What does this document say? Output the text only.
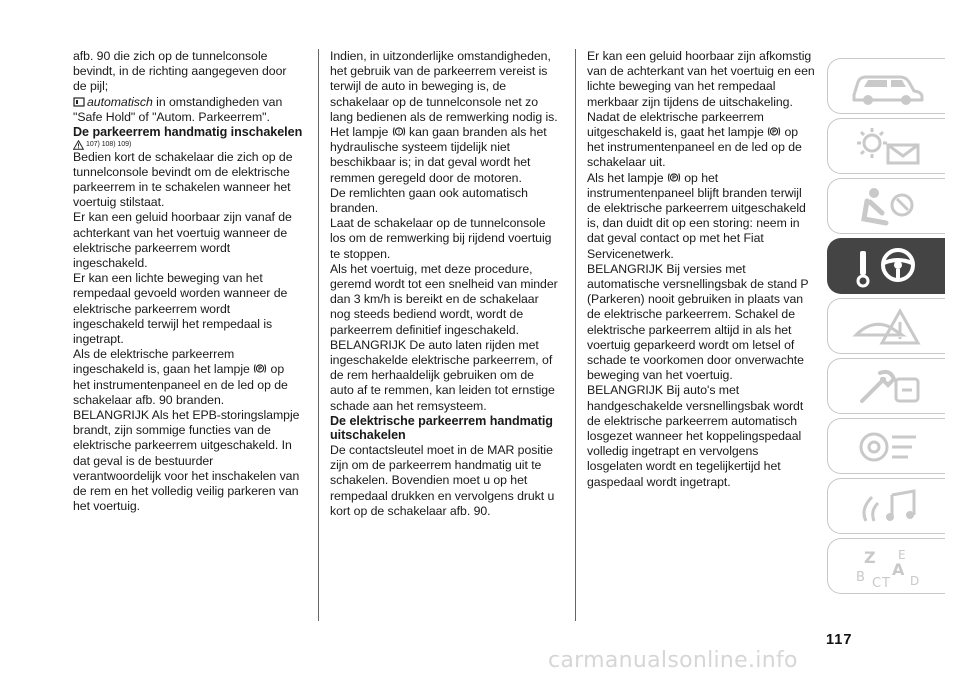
afb. 90 die zich op de tunnelconsole bevindt, in de richting aangegeven door de pijl;

automatisch in omstandigheden van "Safe Hold" of "Autom. Parkeerrem".

De parkeerrem handmatig inschakelen
107) 108) 109)

Bedien kort de schakelaar die zich op de tunnelconsole bevindt om de elektrische parkeerrem in te schakelen wanneer het voertuig stilstaat.

Er kan een geluid hoorbaar zijn vanaf de achterkant van het voertuig wanneer de elektrische parkeerrem wordt ingeschakeld.

Er kan een lichte beweging van het rempedaal gevoeld worden wanneer de elektrische parkeerrem wordt ingeschakeld terwijl het rempedaal is ingetrapt.

Als de elektrische parkeerrem ingeschakeld is, gaan het lampje P op het instrumentenpaneel en de led op de schakelaar afb. 90 branden.

BELANGRIJK Als het EPB-storingslampje brandt, zijn sommige functies van de elektrische parkeerrem uitgeschakeld. In dat geval is de bestuurder verantwoordelijk voor het inschakelen van de rem en het volledig veilig parkeren van het voertuig.

Indien, in uitzonderlijke omstandigheden, het gebruik van de parkeerrem vereist is terwijl de auto in beweging is, de schakelaar op de tunnelconsole net zo lang bedienen als de remwerking nodig is.

Het lampje ! kan gaan branden als het hydraulische systeem tijdelijk niet beschikbaar is; in dat geval wordt het remmen geregeld door de motoren.

De remlichten gaan ook automatisch branden.

Laat de schakelaar op de tunnelconsole los om de remwerking bij rijdend voertuig te stoppen.

Als het voertuig, met deze procedure, geremd wordt tot een snelheid van minder dan 3 km/h is bereikt en de schakelaar nog steeds bediend wordt, wordt de parkeerrem definitief ingeschakeld.

BELANGRIJK De auto laten rijden met ingeschakelde elektrische parkeerrem, of de rem herhaaldelijk gebruiken om de auto af te remmen, kan leiden tot ernstige schade aan het remsysteem.

De elektrische parkeerrem handmatig uitschakelen

De contactsleutel moet in de MAR positie zijn om de parkeerrem handmatig uit te schakelen. Bovendien moet u op het rempedaal drukken en vervolgens drukt u kort op de schakelaar afb. 90.

Er kan een geluid hoorbaar zijn afkomstig van de achterkant van het voertuig en een lichte beweging van het rempedaal merkbaar zijn tijdens de uitschakeling.

Nadat de elektrische parkeerrem uitgeschakeld is, gaat het lampje P op het instrumentenpaneel en de led op de schakelaar uit.

Als het lampje P op het instrumentenpaneel blijft branden terwijl de elektrische parkeerrem uitgeschakeld is, dan duidt dit op een storing: neem in dat geval contact op met het Fiat Servicenetwerk.

BELANGRIJK Bij versies met automatische versnellingsbak de stand P (Parkeren) nooit gebruiken in plaats van de elektrische parkeerrem. Schakel de elektrische parkeerrem altijd in als het voertuig geparkeerd wordt om letsel of schade te voorkomen door onverwachte beweging van het voertuig.

BELANGRIJK Bij auto's met handgeschakelde versnellingsbak wordt de elektrische parkeerrem automatisch losgezet wanneer het koppelingspedaal volledig ingetrapt en vervolgens losgelaten wordt en tegelijkertijd het gaspedaal wordt ingetrapt.

Z E
B A
C T D
117
carmanualsonline.info
